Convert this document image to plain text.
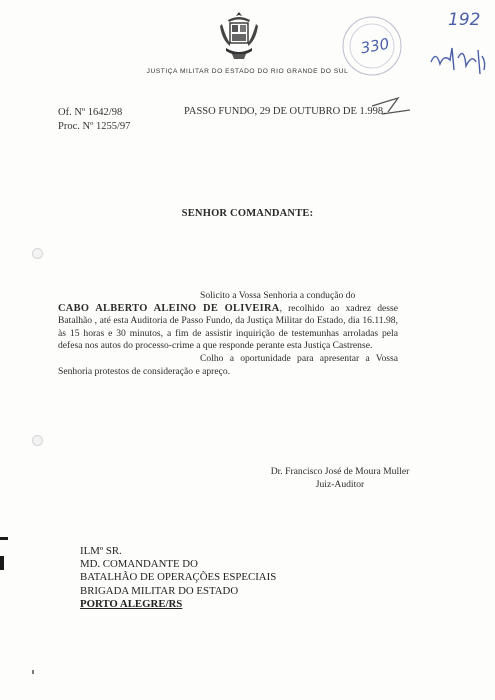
JUSTIÇA MILITAR DO ESTADO DO RIO GRANDE DO SUL
330
192
Of. Nº 1642/98
Proc. Nº 1255/97
PASSO FUNDO, 29 DE OUTUBRO DE 1.998.
SENHOR COMANDANTE:

Solicito a Vossa Senhoria a condução do
CABO ALBERTO ALEINO DE OLIVEIRA, recolhido ao xadrez desse Batalhão , até esta Auditoria de Passo Fundo, da Justiça Militar do Estado, dia 16.11.98, às 15 horas e 30 minutos, a fim de assistir inquirição de testemunhas arroladas pela defesa nos autos do processo-crime a que responde perante esta Justiça Castrense.

Colho a oportunidade para apresentar a Vossa Senhoria protestos de consideração e apreço.

Dr. Francisco José de Moura Muller
Juiz-Auditor
ILMº SR.
MD. COMANDANTE DO
BATALHÃO DE OPERAÇÕES ESPECIAIS
BRIGADA MILITAR DO ESTADO
PORTO ALEGRE/RS
